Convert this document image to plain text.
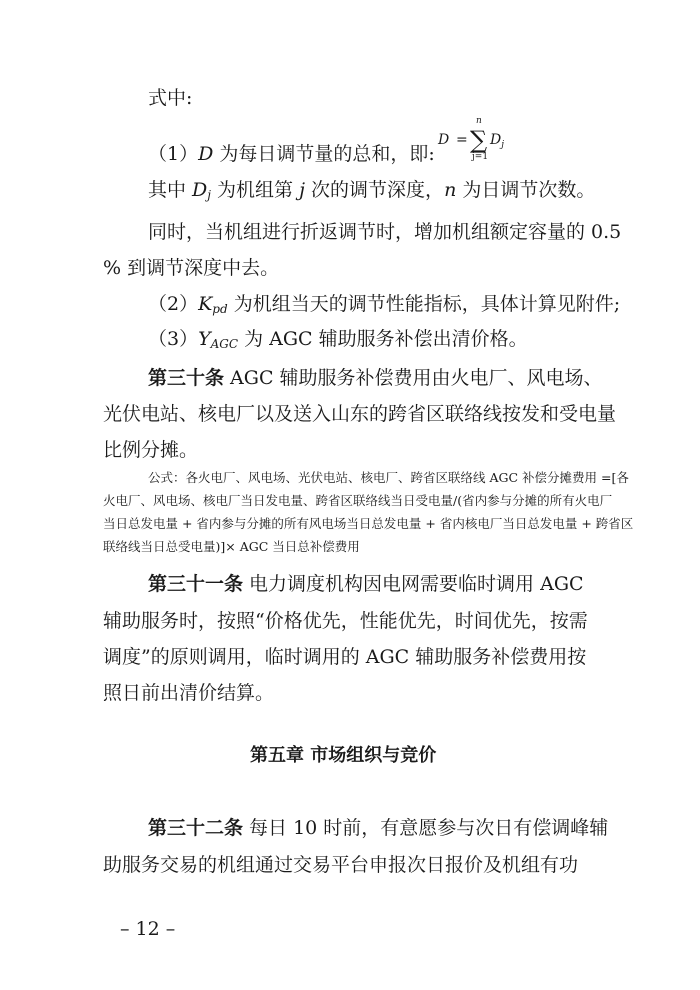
式中:
（1）D 为每日调节量的总和，即:
D =
n
∑
j=1
$D_j$
其中 $D_j$ 为机组第 j 次的调节深度，n 为日调节次数。
同时，当机组进行折返调节时，增加机组额定容量的 0.5
% 到调节深度中去。
$(2)K_{pd}$ 为机组当天的调节性能指标，具体计算见附件;
$(3)Y_{AGC}$ 为 AGC 辅助服务补偿出清价格。
第三十条 AGC 辅助服务补偿费用由火电厂、风电场、
光伏电站、核电厂以及送入山东的跨省区联络线按发和受电量
比例分摊。
公式：各火电厂、风电场、光伏电站、核电厂、跨省区联络线 AGC 补偿分摊费用 =[各
火电厂、风电场、核电厂当日发电量、跨省区联络线当日受电量/(省内参与分摊的所有火电厂
当日总发电量 + 省内参与分摊的所有风电场当日总发电量 + 省内核电厂当日总发电量 + 跨省区
联络线当日总受电量)]× AGC 当日总补偿费用
第三十一条 电力调度机构因电网需要临时调用 AGC
辅助服务时，按照“价格优先，性能优先，时间优先，按需
调度”的原则调用，临时调用的 AGC 辅助服务补偿费用按
照日前出清价结算。
第五章 市场组织与竞价
第三十二条 每日 10 时前，有意愿参与次日有偿调峰辅
助服务交易的机组通过交易平台申报次日报价及机组有功
– 12 –
